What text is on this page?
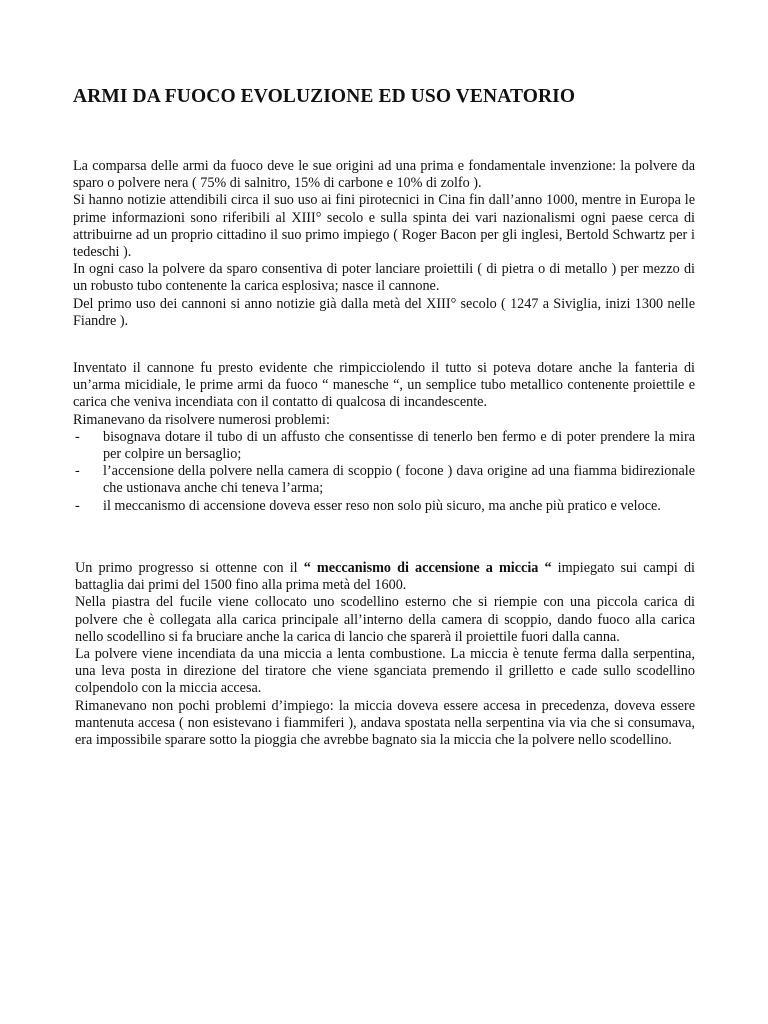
ARMI DA FUOCO EVOLUZIONE ED USO VENATORIO

La comparsa delle armi da fuoco deve le sue origini ad una prima e fondamentale invenzione: la polvere da sparo o polvere nera ( 75% di salnitro, 15% di carbone e 10% di zolfo ).

Si hanno notizie attendibili circa il suo uso ai fini pirotecnici in Cina fin dall’anno 1000, mentre in Europa le prime informazioni sono riferibili al XIII° secolo e sulla spinta dei vari nazionalismi ogni paese cerca di attribuirne ad un proprio cittadino il suo primo impiego ( Roger Bacon per gli inglesi, Bertold Schwartz per i tedeschi ).

In ogni caso la polvere da sparo consentiva di poter lanciare proiettili ( di pietra o di metallo ) per mezzo di un robusto tubo contenente la carica esplosiva; nasce il cannone.

Del primo uso dei cannoni si anno notizie già dalla metà del XIII° secolo ( 1247 a Siviglia, inizi 1300 nelle Fiandre ).

Inventato il cannone fu presto evidente che rimpicciolendo il tutto si poteva dotare anche la fanteria di un’arma micidiale, le prime armi da fuoco “ manesche “, un semplice tubo metallico contenente proiettile e carica che veniva incendiata con il contatto di qualcosa di incandescente.

Rimanevano da risolvere numerosi problemi:

- bisognava dotare il tubo di un affusto che consentisse di tenerlo ben fermo e di poter prendere la mira per colpire un bersaglio;
- l’accensione della polvere nella camera di scoppio ( focone ) dava origine ad una fiamma bidirezionale che ustionava anche chi teneva l’arma;
- il meccanismo di accensione doveva esser reso non solo più sicuro, ma anche più pratico e veloce.

Un primo progresso si ottenne con il “ meccanismo di accensione a miccia “ impiegato sui campi di battaglia dai primi del 1500 fino alla prima metà del 1600.

Nella piastra del fucile viene collocato uno scodellino esterno che si riempie con una piccola carica di polvere che è collegata alla carica principale all’interno della camera di scoppio, dando fuoco alla carica nello scodellino si fa bruciare anche la carica di lancio che sparerà il proiettile fuori dalla canna.

La polvere viene incendiata da una miccia a lenta combustione. La miccia è tenute ferma dalla serpentina, una leva posta in direzione del tiratore che viene sganciata premendo il grilletto e cade sullo scodellino colpendolo con la miccia accesa.

Rimanevano non pochi problemi d’impiego: la miccia doveva essere accesa in precedenza, doveva essere mantenuta accesa ( non esistevano i fiammiferi ), andava spostata nella serpentina via via che si consumava, era impossibile sparare sotto la pioggia che avrebbe bagnato sia la miccia che la polvere nello scodellino.
